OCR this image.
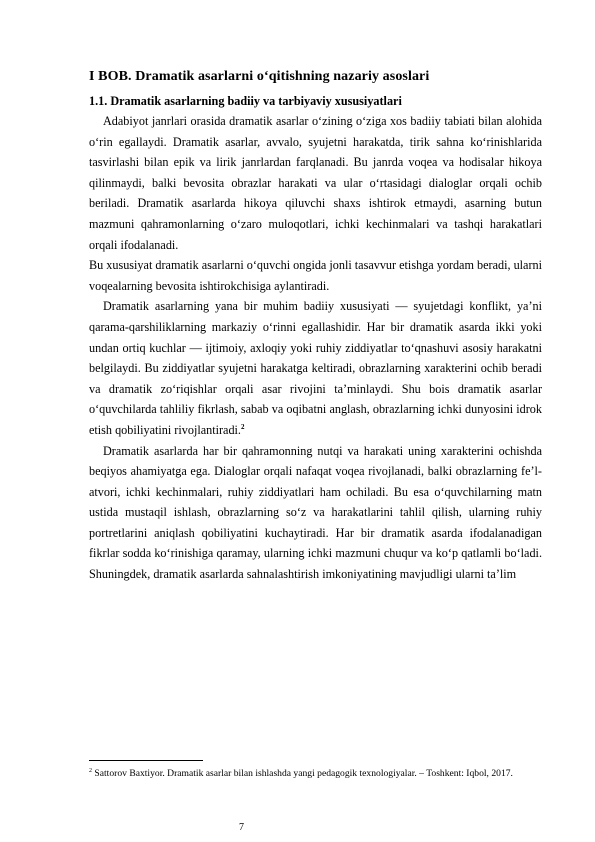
I BOB. Dramatik asarlarni o‘qitishning nazariy asoslari
1.1. Dramatik asarlarning badiiy va tarbiyaviy xususiyatlari

Adabiyot janrlari orasida dramatik asarlar o‘zining o‘ziga xos badiiy tabiati bilan alohida o‘rin egallaydi. Dramatik asarlar, avvalo, syujetni harakatda, tirik sahna ko‘rinishlarida tasvirlashi bilan epik va lirik janrlardan farqlanadi. Bu janrda voqea va hodisalar hikoya qilinmaydi, balki bevosita obrazlar harakati va ular o‘rtasidagi dialoglar orqali ochib beriladi. Dramatik asarlarda hikoya qiluvchi shaxs ishtirok etmaydi, asarning butun mazmuni qahramonlarning o‘zaro muloqotlari, ichki kechinmalari va tashqi harakatlari orqali ifodalanadi.

Bu xususiyat dramatik asarlarni o‘quvchi ongida jonli tasavvur etishga yordam beradi, ularni voqealarning bevosita ishtirokchisiga aylantiradi.

Dramatik asarlarning yana bir muhim badiiy xususiyati — syujetdagi konflikt, ya’ni qarama-qarshiliklarning markaziy o‘rinni egallashidir. Har bir dramatik asarda ikki yoki undan ortiq kuchlar — ijtimoiy, axloqiy yoki ruhiy ziddiyatlar to‘qnashuvi asosiy harakatni belgilaydi. Bu ziddiyatlar syujetni harakatga keltiradi, obrazlarning xarakterini ochib beradi va dramatik zo‘riqishlar orqali asar rivojini ta’minlaydi. Shu bois dramatik asarlar o‘quvchilarda tahliliy fikrlash, sabab va oqibatni anglash, obrazlarning ichki dunyosini idrok etish qobiliyatini rivojlantiradi.$^2$

Dramatik asarlarda har bir qahramonning nutqi va harakati uning xarakterini ochishda beqiyos ahamiyatga ega. Dialoglar orqali nafaqat voqea rivojlanadi, balki obrazlarning fe’l-atvori, ichki kechinmalari, ruhiy ziddiyatlari ham ochiladi. Bu esa o‘quvchilarning matn ustida mustaqil ishlash, obrazlarning so‘z va harakatlarini tahlil qilish, ularning ruhiy portretlarini aniqlash qobiliyatini kuchaytiradi. Har bir dramatik asarda ifodalanadigan fikrlar sodda ko‘rinishiga qaramay, ularning ichki mazmuni chuqur va ko‘p qatlamli bo‘ladi. Shuningdek, dramatik asarlarda sahnalashtirish imkoniyatining mavjudligi ularni ta’lim

$^2$ Sattorov Baxtiyor. Dramatik asarlar bilan ishlashda yangi pedagogik texnologiyalar. – Toshkent: Iqbol, 2017.
7
